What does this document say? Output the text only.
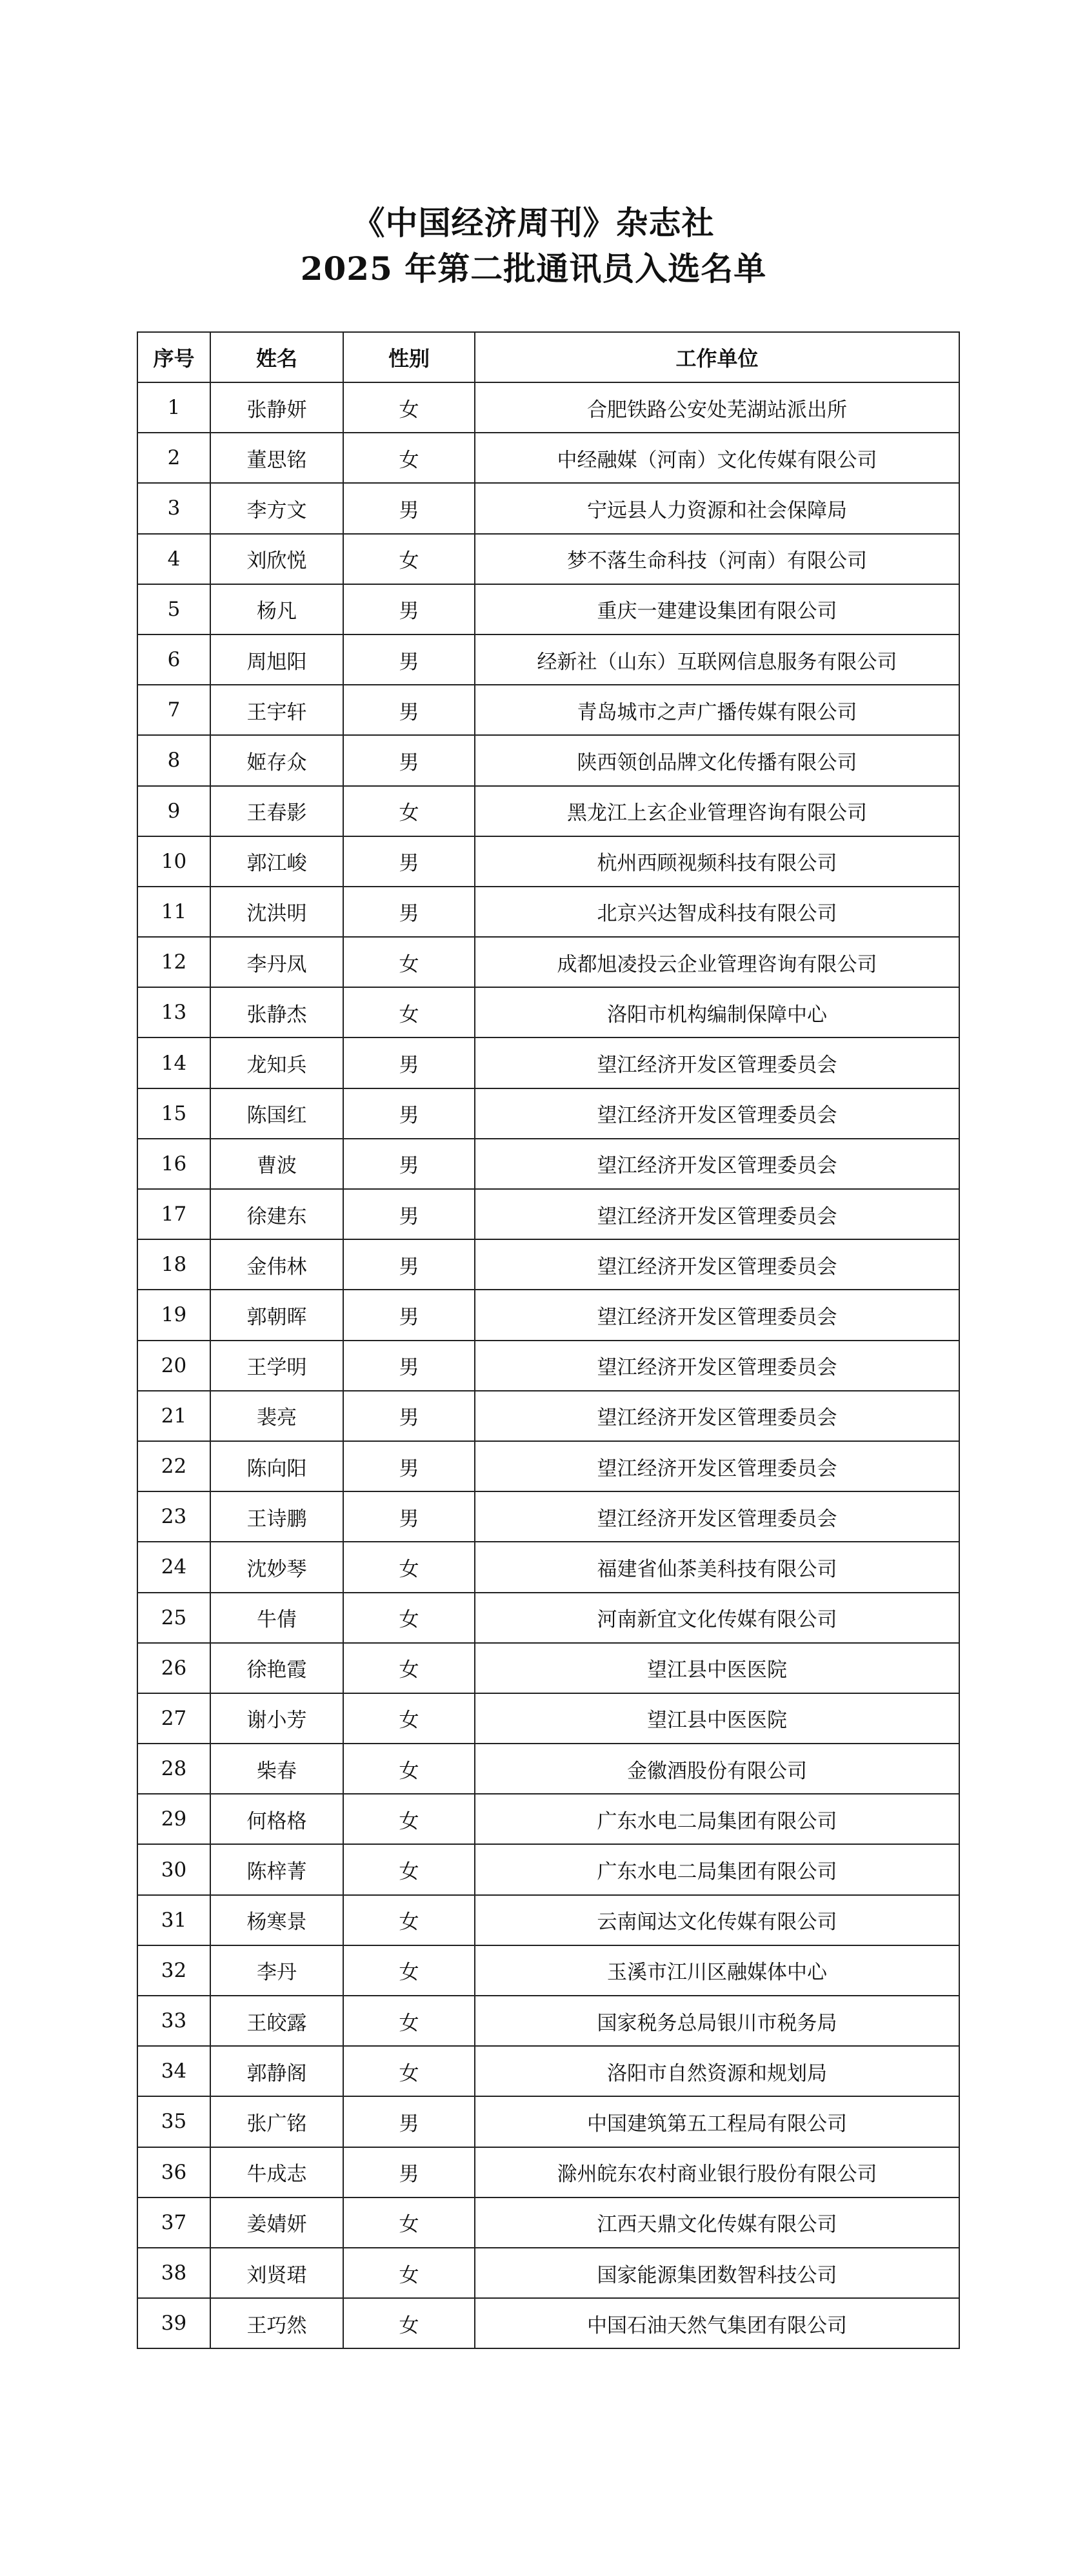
《中国经济周刊》杂志社
2025 年第二批通讯员入选名单
序号	姓名	性别	工作单位
1	张静妍	女	合肥铁路公安处芜湖站派出所
2	董思铭	女	中经融媒（河南）文化传媒有限公司
3	李方文	男	宁远县人力资源和社会保障局
4	刘欣悦	女	梦不落生命科技（河南）有限公司
5	杨凡	男	重庆一建建设集团有限公司
6	周旭阳	男	经新社（山东）互联网信息服务有限公司
7	王宇轩	男	青岛城市之声广播传媒有限公司
8	姬存众	男	陕西领创品牌文化传播有限公司
9	王春影	女	黑龙江上玄企业管理咨询有限公司
10	郭江峻	男	杭州西顾视频科技有限公司
11	沈洪明	男	北京兴达智成科技有限公司
12	李丹凤	女	成都旭凌投云企业管理咨询有限公司
13	张静杰	女	洛阳市机构编制保障中心
14	龙知兵	男	望江经济开发区管理委员会
15	陈国红	男	望江经济开发区管理委员会
16	曹波	男	望江经济开发区管理委员会
17	徐建东	男	望江经济开发区管理委员会
18	金伟林	男	望江经济开发区管理委员会
19	郭朝晖	男	望江经济开发区管理委员会
20	王学明	男	望江经济开发区管理委员会
21	裴亮	男	望江经济开发区管理委员会
22	陈向阳	男	望江经济开发区管理委员会
23	王诗鹏	男	望江经济开发区管理委员会
24	沈妙琴	女	福建省仙茶美科技有限公司
25	牛倩	女	河南新宜文化传媒有限公司
26	徐艳霞	女	望江县中医医院
27	谢小芳	女	望江县中医医院
28	柴春	女	金徽酒股份有限公司
29	何格格	女	广东水电二局集团有限公司
30	陈梓菁	女	广东水电二局集团有限公司
31	杨寒景	女	云南闻达文化传媒有限公司
32	李丹	女	玉溪市江川区融媒体中心
33	王皎露	女	国家税务总局银川市税务局
34	郭静阁	女	洛阳市自然资源和规划局
35	张广铭	男	中国建筑第五工程局有限公司
36	牛成志	男	滁州皖东农村商业银行股份有限公司
37	姜婧妍	女	江西天鼎文化传媒有限公司
38	刘贤珺	女	国家能源集团数智科技公司
39	王巧然	女	中国石油天然气集团有限公司
